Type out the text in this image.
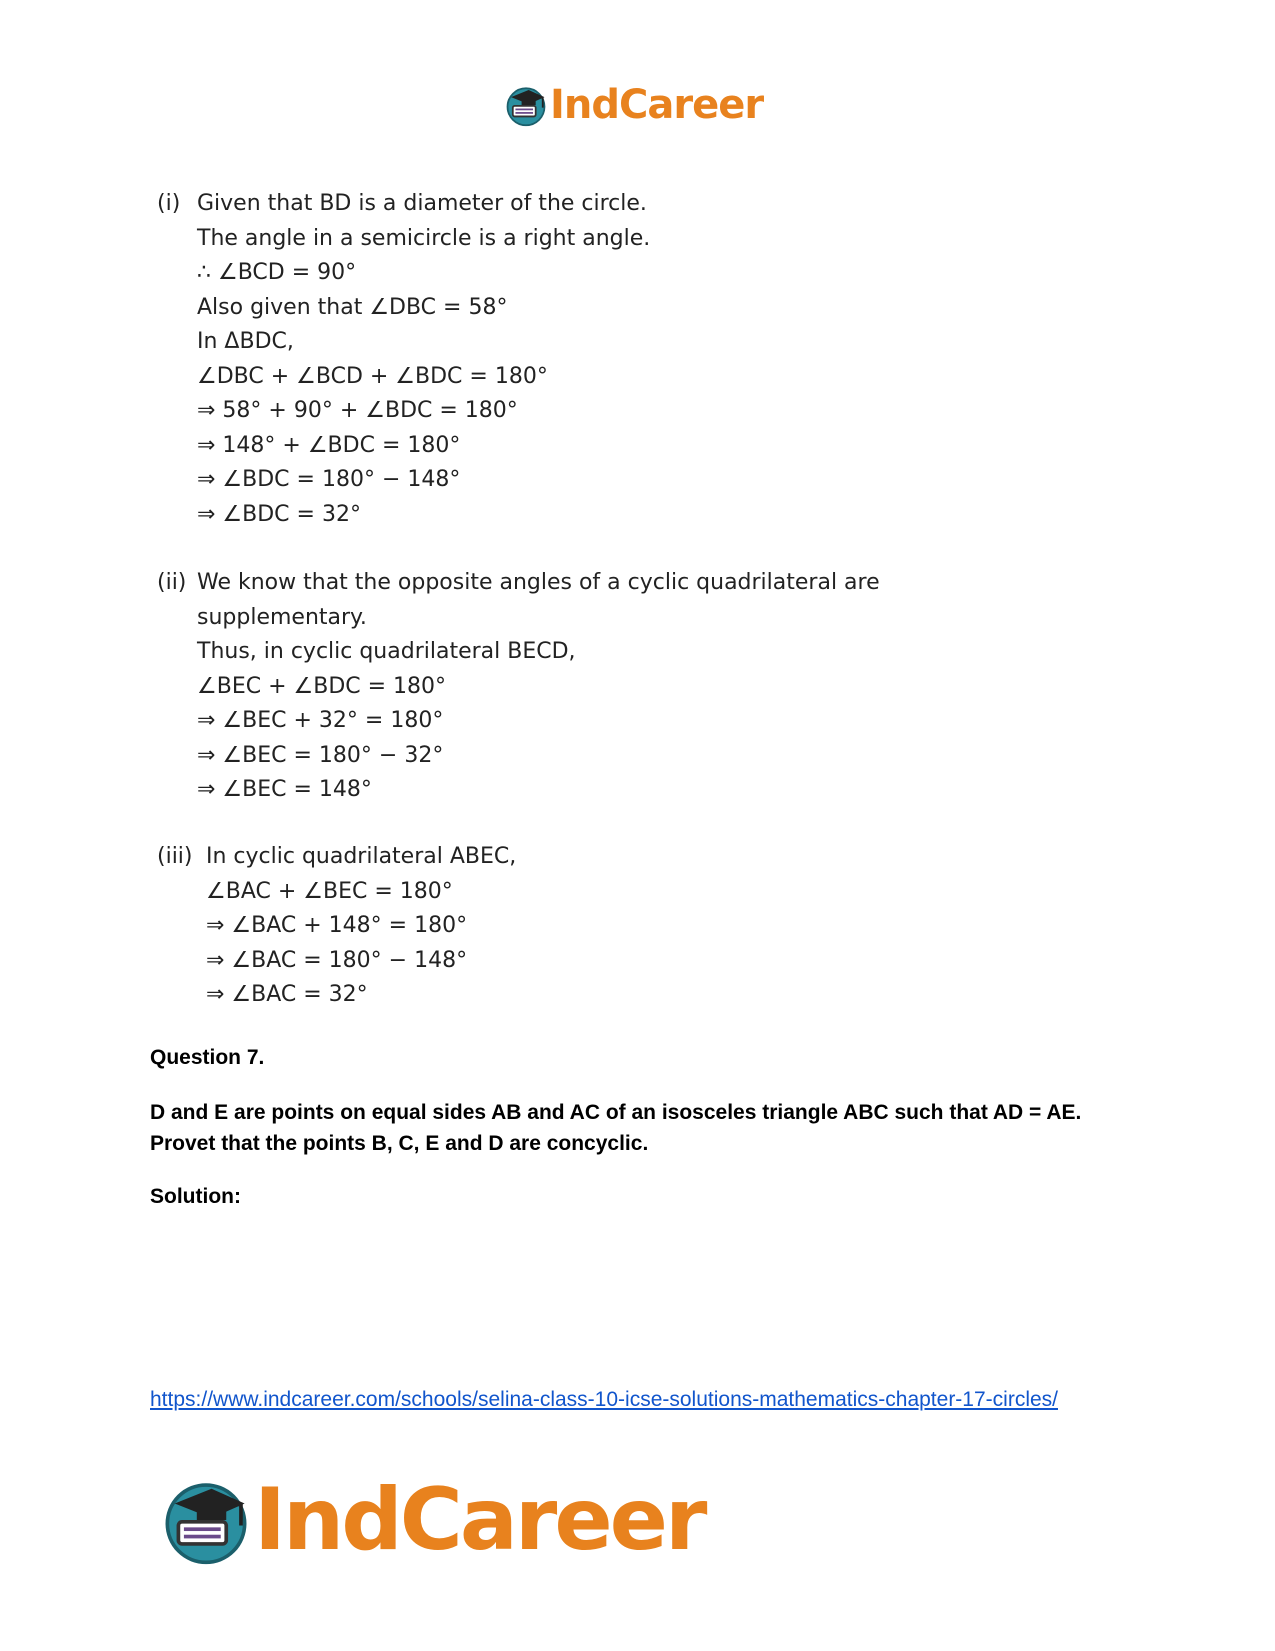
IndCareer
(i) Given that BD is a diameter of the circle.
The angle in a semicircle is a right angle.
∴ ∠BCD = 90°
Also given that ∠DBC = 58°
In ΔBDC,
∠DBC + ∠BCD + ∠BDC = 180°
⇒ 58° + 90° + ∠BDC = 180°
⇒ 148° + ∠BDC = 180°
⇒ ∠BDC = 180° − 148°
⇒ ∠BDC = 32°
(ii) We know that the opposite angles of a cyclic quadrilateral are
supplementary.
Thus, in cyclic quadrilateral BECD,
∠BEC + ∠BDC = 180°
⇒ ∠BEC + 32° = 180°
⇒ ∠BEC = 180° − 32°
⇒ ∠BEC = 148°
(iii) In cyclic quadrilateral ABEC,
∠BAC + ∠BEC = 180°
⇒ ∠BAC + 148° = 180°
⇒ ∠BAC = 180° − 148°
⇒ ∠BAC = 32°
Question 7.
D and E are points on equal sides AB and AC of an isosceles triangle ABC such that AD = AE. Provet that the points B, C, E and D are concyclic.
Solution:
https://www.indcareer.com/schools/selina-class-10-icse-solutions-mathematics-chapter-17-circles/
IndCareer
